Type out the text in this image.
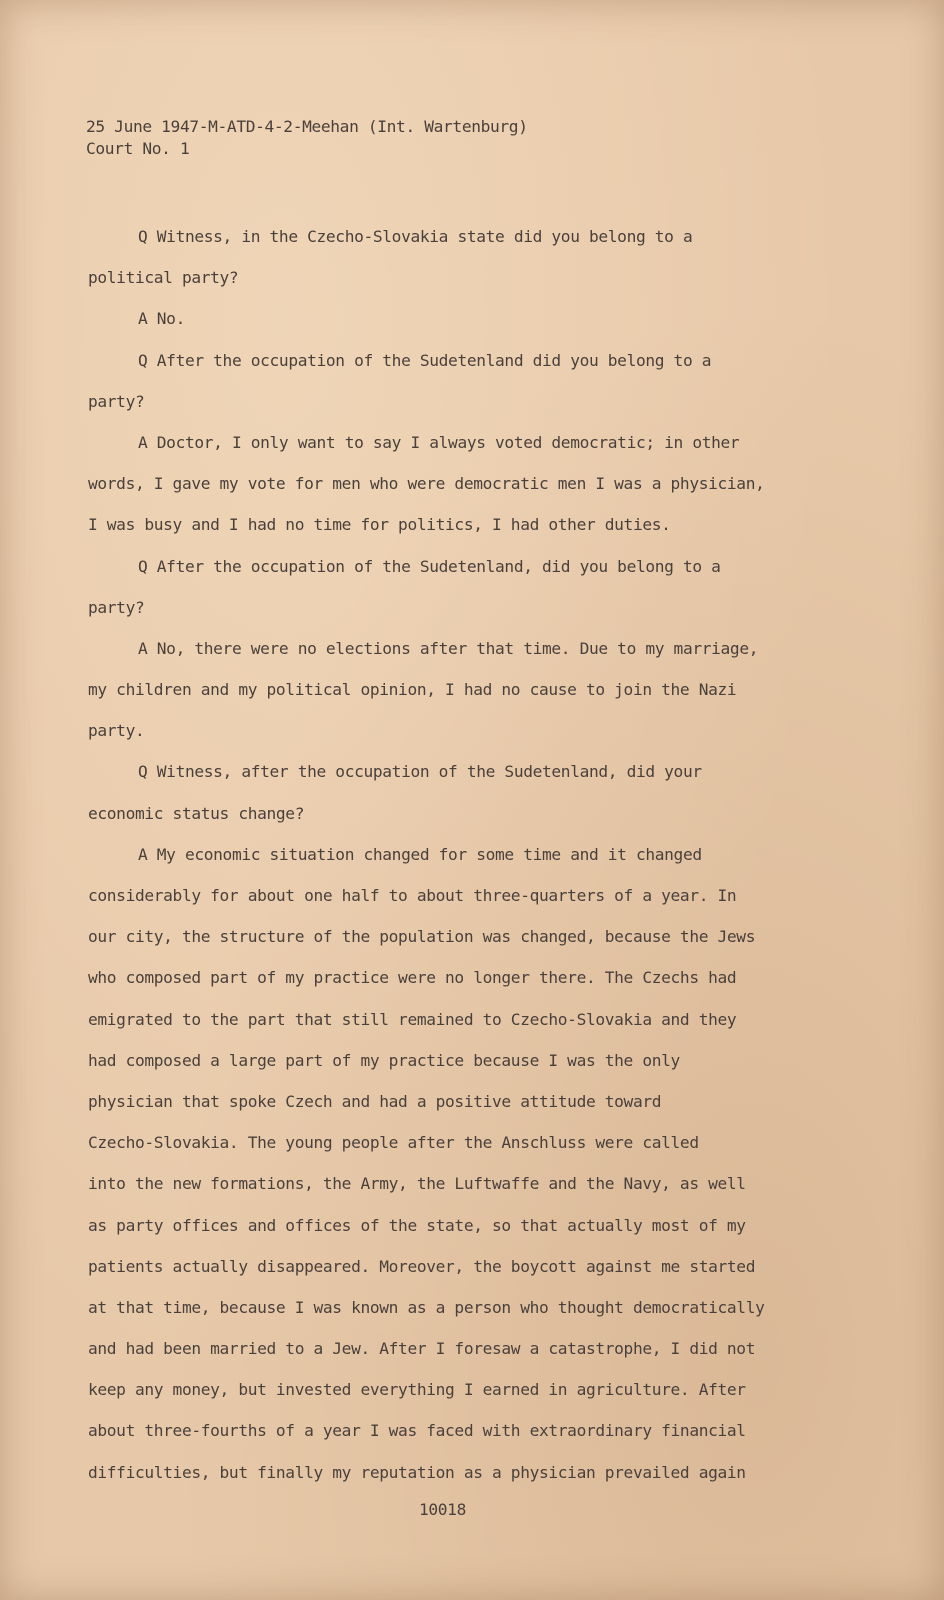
25 June 1947-M-ATD-4-2-Meehan (Int. Wartenburg)
Court No. 1
Q Witness, in the Czecho-Slovakia state did you belong to a
political party?
A No.
Q After the occupation of the Sudetenland did you belong to a
party?
A Doctor, I only want to say I always voted democratic; in other
words, I gave my vote for men who were democratic men I was a physician,
I was busy and I had no time for politics, I had other duties.
Q After the occupation of the Sudetenland, did you belong to a
party?
A No, there were no elections after that time. Due to my marriage,
my children and my political opinion, I had no cause to join the Nazi
party.
Q Witness, after the occupation of the Sudetenland, did your
economic status change?
A My economic situation changed for some time and it changed
considerably for about one half to about three-quarters of a year. In
our city, the structure of the population was changed, because the Jews
who composed part of my practice were no longer there. The Czechs had
emigrated to the part that still remained to Czecho-Slovakia and they
had composed a large part of my practice because I was the only
physician that spoke Czech and had a positive attitude toward
Czecho-Slovakia. The young people after the Anschluss were called
into the new formations, the Army, the Luftwaffe and the Navy, as well
as party offices and offices of the state, so that actually most of my
patients actually disappeared. Moreover, the boycott against me started
at that time, because I was known as a person who thought democratically
and had been married to a Jew. After I foresaw a catastrophe, I did not
keep any money, but invested everything I earned in agriculture. After
about three-fourths of a year I was faced with extraordinary financial
difficulties, but finally my reputation as a physician prevailed again
10018
